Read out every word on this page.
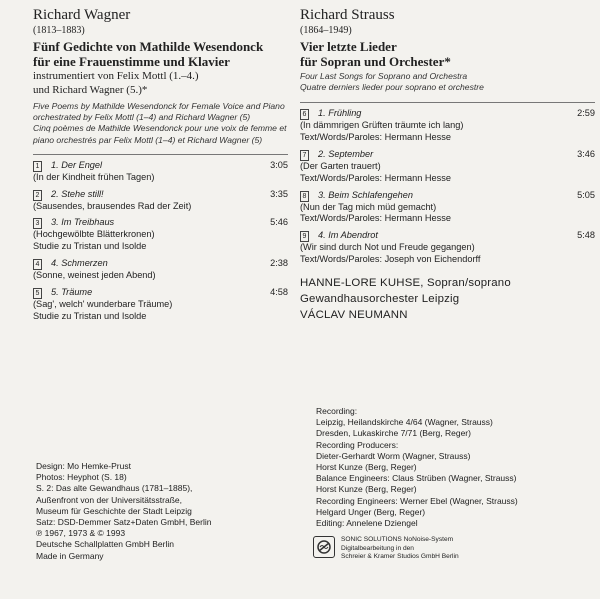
Richard Wagner
(1813–1883)
Fünf Gedichte von Mathilde Wesendonck
für eine Frauenstimme und Klavier
instrumentiert von Felix Mottl (1.–4.)
und Richard Wagner (5.)*
Five Poems by Mathilde Wesendonck for Female Voice and Piano orchestrated by Felix Mottl (1–4) and Richard Wagner (5)
Cinq poèmes de Mathilde Wesendonck pour une voix de femme et piano orchestrés par Felix Mottl (1–4) et Richard Wagner (5)
1 1. Der Engel	3:05
(In der Kindheit frühen Tagen)
2 2. Stehe still!	3:35
(Sausendes, brausendes Rad der Zeit)
3 3. Im Treibhaus	5:46
(Hochgewölbte Blätterkronen)
Studie zu Tristan und Isolde
4 4. Schmerzen	2:38
(Sonne, weinest jeden Abend)
5 5. Träume	4:58
(Sag', welch' wunderbare Träume)
Studie zu Tristan und Isolde
Richard Strauss
(1864–1949)
Vier letzte Lieder
für Sopran und Orchester*
Four Last Songs for Soprano and Orchestra
Quatre derniers lieder pour soprano et orchestre
6 1. Frühling	2:59
(In dämmrigen Grüften träumte ich lang)
Text/Words/Paroles: Hermann Hesse
7 2. September	3:46
(Der Garten trauert)
Text/Words/Paroles: Hermann Hesse
8 3. Beim Schlafengehen	5:05
(Nun der Tag mich müd gemacht)
Text/Words/Paroles: Hermann Hesse
9 4. Im Abendrot	5:48
(Wir sind durch Not und Freude gegangen)
Text/Words/Paroles: Joseph von Eichendorff
HANNE-LORE KUHSE, Sopran/soprano
Gewandhausorchester Leipzig
VÁCLAV NEUMANN
Recording:
Leipzig, Heilandskirche 4/64 (Wagner, Strauss)
Dresden, Lukaskirche 7/71 (Berg, Reger)
Recording Producers:
Dieter-Gerhardt Worm (Wagner, Strauss)
Horst Kunze (Berg, Reger)
Balance Engineers: Claus Strüben (Wagner, Strauss)
Horst Kunze (Berg, Reger)
Recording Engineers: Werner Ebel (Wagner, Strauss)
Helgard Unger (Berg, Reger)
Editing: Annelene Dziengel
Design: Mo Hemke-Prust
Photos: Heyphot (S. 18)
S. 2: Das alte Gewandhaus (1781–1885),
Außenfront von der Universitätsstraße,
Museum für Geschichte der Stadt Leipzig
Satz: DSD-Demmer Satz+Daten GmbH, Berlin
℗ 1967, 1973 & © 1993
Deutsche Schallplatten GmbH Berlin
Made in Germany
SONIC SOLUTIONS NoNoise-System
Digitalbearbeitung in den
Schreier & Kramer Studios GmbH Berlin
